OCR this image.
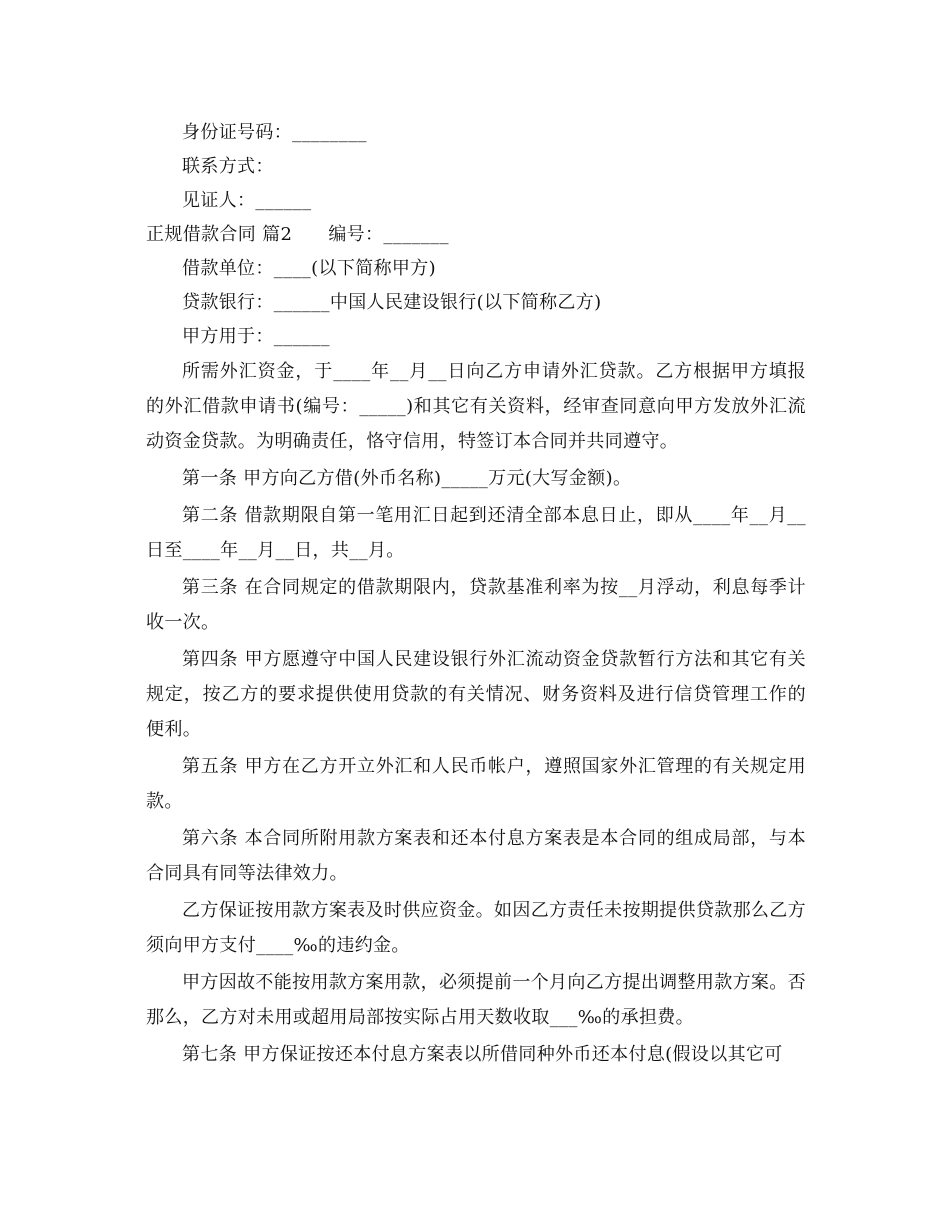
身份证号码：________
联系方式：
见证人：______
正规借款合同 篇2 编号：_______
借款单位：____(以下简称甲方)
贷款银行：______中国人民建设银行(以下简称乙方)
甲方用于：______

所需外汇资金，于____年__月__日向乙方申请外汇贷款。乙方根据甲方填报的外汇借款申请书(编号：_____)和其它有关资料，经审查同意向甲方发放外汇流动资金贷款。为明确责任，恪守信用，特签订本合同并共同遵守。

第一条 甲方向乙方借(外币名称)_____万元(大写金额)。

第二条 借款期限自第一笔用汇日起到还清全部本息日止，即从____年__月__日至____年__月__日，共__月。

第三条 在合同规定的借款期限内，贷款基准利率为按__月浮动，利息每季计收一次。

第四条 甲方愿遵守中国人民建设银行外汇流动资金贷款暂行方法和其它有关规定，按乙方的要求提供使用贷款的有关情况、财务资料及进行信贷管理工作的便利。

第五条 甲方在乙方开立外汇和人民币帐户，遵照国家外汇管理的有关规定用款。

第六条 本合同所附用款方案表和还本付息方案表是本合同的组成局部，与本合同具有同等法律效力。

乙方保证按用款方案表及时供应资金。如因乙方责任未按期提供贷款那么乙方须向甲方支付____‰的违约金。

甲方因故不能按用款方案用款，必须提前一个月向乙方提出调整用款方案。否那么，乙方对未用或超用局部按实际占用天数收取___‰的承担费。

第七条 甲方保证按还本付息方案表以所借同种外币还本付息(假设以其它可
